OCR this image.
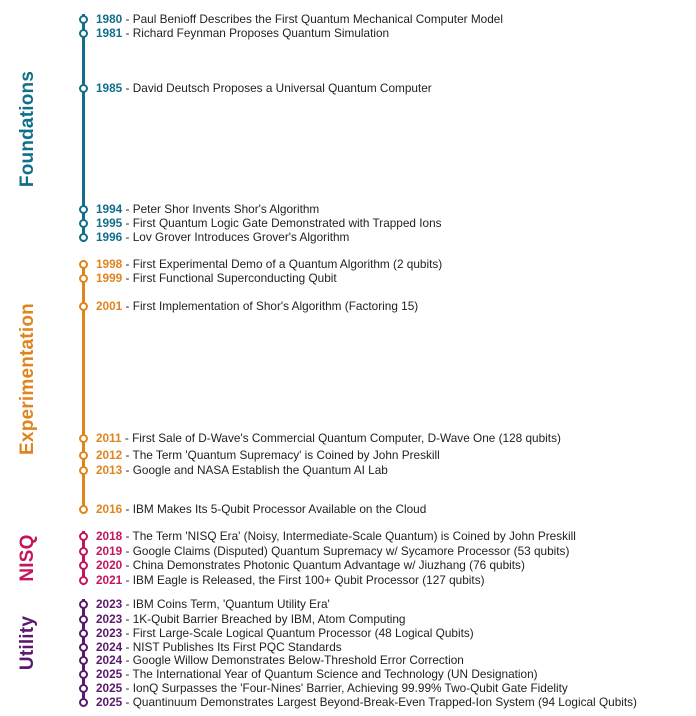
Foundations
Experimentation
NISQ
Utility
1980 - Paul Benioff Describes the First Quantum Mechanical Computer Model
1981 - Richard Feynman Proposes Quantum Simulation
1985 - David Deutsch Proposes a Universal Quantum Computer
1994 - Peter Shor Invents Shor's Algorithm
1995 - First Quantum Logic Gate Demonstrated with Trapped Ions
1996 - Lov Grover Introduces Grover's Algorithm
1998 - First Experimental Demo of a Quantum Algorithm (2 qubits)
1999 - First Functional Superconducting Qubit
2001 - First Implementation of Shor's Algorithm (Factoring 15)
2011 - First Sale of D-Wave's Commercial Quantum Computer, D-Wave One (128 qubits)
2012 - The Term 'Quantum Supremacy' is Coined by John Preskill
2013 - Google and NASA Establish the Quantum AI Lab
2016 - IBM Makes Its 5-Qubit Processor Available on the Cloud
2018 - The Term 'NISQ Era' (Noisy, Intermediate-Scale Quantum) is Coined by John Preskill
2019 - Google Claims (Disputed) Quantum Supremacy w/ Sycamore Processor (53 qubits)
2020 - China Demonstrates Photonic Quantum Advantage w/ Jiuzhang (76 qubits)
2021 - IBM Eagle is Released, the First 100+ Qubit Processor (127 qubits)
2023 - IBM Coins Term, 'Quantum Utility Era'
2023 - 1K-Qubit Barrier Breached by IBM, Atom Computing
2023 - First Large-Scale Logical Quantum Processor (48 Logical Qubits)
2024 - NIST Publishes Its First PQC Standards
2024 - Google Willow Demonstrates Below-Threshold Error Correction
2025 - The International Year of Quantum Science and Technology (UN Designation)
2025 - IonQ Surpasses the 'Four-Nines' Barrier, Achieving 99.99% Two-Qubit Gate Fidelity
2025 - Quantinuum Demonstrates Largest Beyond-Break-Even Trapped-Ion System (94 Logical Qubits)
